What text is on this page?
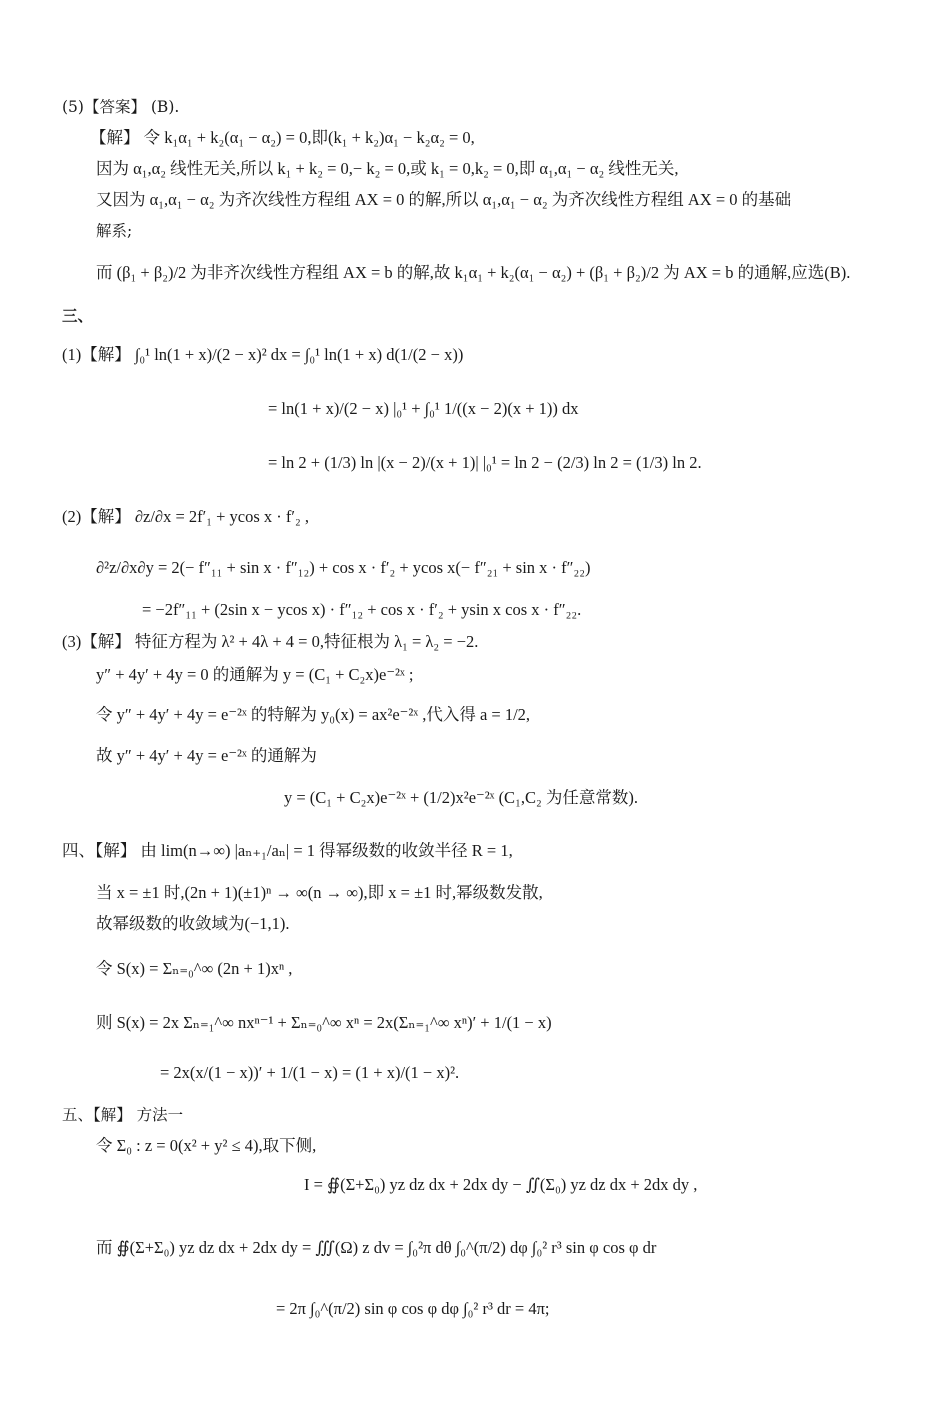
(5)【答案】 (B).
【解】 令 k₁α₁ + k₂(α₁ − α₂) = 0,即(k₁ + k₂)α₁ − k₂α₂ = 0,
因为 α₁,α₂ 线性无关,所以 k₁ + k₂ = 0,− k₂ = 0,或 k₁ = 0,k₂ = 0,即 α₁,α₁ − α₂ 线性无关,
又因为 α₁,α₁ − α₂ 为齐次线性方程组 AX = 0 的解,所以 α₁,α₁ − α₂ 为齐次线性方程组 AX = 0 的基础
解系;
而 (β₁ + β₂)/2 为非齐次线性方程组 AX = b 的解,故 k₁α₁ + k₂(α₁ − α₂) + (β₁ + β₂)/2 为 AX = b 的通解,应选(B).
三、
(1)【解】 ∫₀¹ ln(1 + x)/(2 − x)² dx = ∫₀¹ ln(1 + x) d(1/(2 − x))
= ln(1 + x)/(2 − x) |₀¹ + ∫₀¹ 1/((x − 2)(x + 1)) dx
= ln 2 + (1/3) ln |(x − 2)/(x + 1)| |₀¹ = ln 2 − (2/3) ln 2 = (1/3) ln 2.
(2)【解】 ∂z/∂x = 2f′₁ + ycos x · f′₂ ,
∂²z/∂x∂y = 2(− f″₁₁ + sin x · f″₁₂) + cos x · f′₂ + ycos x(− f″₂₁ + sin x · f″₂₂)
= −2f″₁₁ + (2sin x − ycos x) · f″₁₂ + cos x · f′₂ + ysin x cos x · f″₂₂.
(3)【解】 特征方程为 λ² + 4λ + 4 = 0,特征根为 λ₁ = λ₂ = −2.
y″ + 4y′ + 4y = 0 的通解为 y = (C₁ + C₂x)e⁻²ˣ ;
令 y″ + 4y′ + 4y = e⁻²ˣ 的特解为 y₀(x) = ax²e⁻²ˣ ,代入得 a = 1/2,
故 y″ + 4y′ + 4y = e⁻²ˣ 的通解为
y = (C₁ + C₂x)e⁻²ˣ + (1/2)x²e⁻²ˣ (C₁,C₂ 为任意常数).
四、【解】 由 lim(n→∞) |aₙ₊₁/aₙ| = 1 得幂级数的收敛半径 R = 1,
当 x = ±1 时,(2n + 1)(±1)ⁿ → ∞(n → ∞),即 x = ±1 时,幂级数发散,
故幂级数的收敛域为(−1,1).
令 S(x) = Σₙ₌₀^∞ (2n + 1)xⁿ ,
则 S(x) = 2x Σₙ₌₁^∞ nxⁿ⁻¹ + Σₙ₌₀^∞ xⁿ = 2x(Σₙ₌₁^∞ xⁿ)′ + 1/(1 − x)
= 2x(x/(1 − x))′ + 1/(1 − x) = (1 + x)/(1 − x)².
五、【解】 方法一
令 Σ₀ : z = 0(x² + y² ≤ 4),取下侧,
I = ∯(Σ+Σ₀) yz dz dx + 2dx dy − ∬(Σ₀) yz dz dx + 2dx dy ,
而 ∯(Σ+Σ₀) yz dz dx + 2dx dy = ∭(Ω) z dv = ∫₀²π dθ ∫₀^(π/2) dφ ∫₀² r³ sin φ cos φ dr
= 2π ∫₀^(π/2) sin φ cos φ dφ ∫₀² r³ dr = 4π;
